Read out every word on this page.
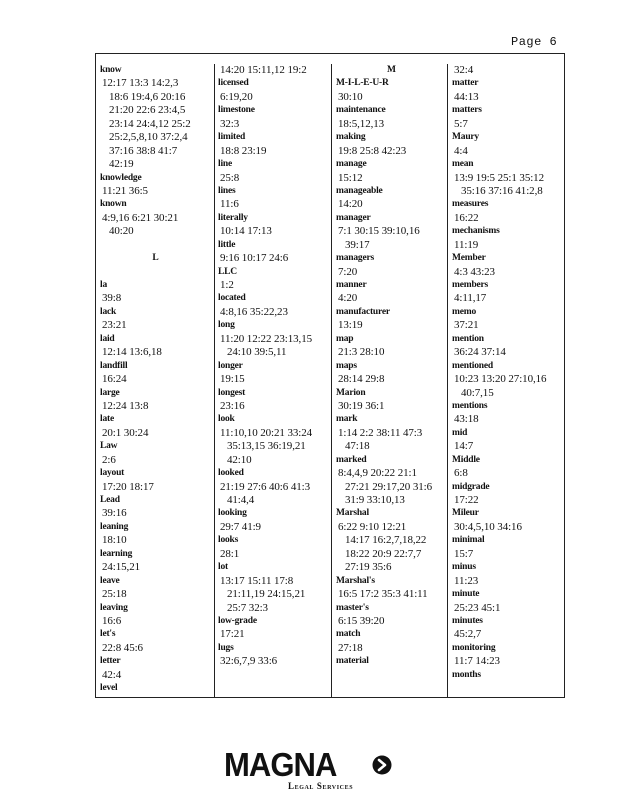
Page 6
know
12:17 13:3 14:2,3
18:6 19:4,6 20:16
21:20 22:6 23:4,5
23:14 24:4,12 25:2
25:2,5,8,10 37:2,4
37:16 38:8 41:7
42:19
knowledge
11:21 36:5
known
4:9,16 6:21 30:21
40:20
L
la
39:8
lack
23:21
laid
12:14 13:6,18
landfill
16:24
large
12:24 13:8
late
20:1 30:24
Law
2:6
layout
17:20 18:17
Lead
39:16
leaning
18:10
learning
24:15,21
leave
25:18
leaving
16:6
let's
22:8 45:6
letter
42:4
level
14:20 15:11,12 19:2
licensed
6:19,20
limestone
32:3
limited
18:8 23:19
line
25:8
lines
11:6
literally
10:14 17:13
little
9:16 10:17 24:6
LLC
1:2
located
4:8,16 35:22,23
long
11:20 12:22 23:13,15
24:10 39:5,11
longer
19:15
longest
23:16
look
11:10,10 20:21 33:24
35:13,15 36:19,21
42:10
looked
21:19 27:6 40:6 41:3
41:4,4
looking
29:7 41:9
looks
28:1
lot
13:17 15:11 17:8
21:11,19 24:15,21
25:7 32:3
low-grade
17:21
lugs
32:6,7,9 33:6
M
M-I-L-E-U-R
30:10
maintenance
18:5,12,13
making
19:8 25:8 42:23
manage
15:12
manageable
14:20
manager
7:1 30:15 39:10,16
39:17
managers
7:20
manner
4:20
manufacturer
13:19
map
21:3 28:10
maps
28:14 29:8
Marion
30:19 36:1
mark
1:14 2:2 38:11 47:3
47:18
marked
8:4,4,9 20:22 21:1
27:21 29:17,20 31:6
31:9 33:10,13
Marshal
6:22 9:10 12:21
14:17 16:2,7,18,22
18:22 20:9 22:7,7
27:19 35:6
Marshal's
16:5 17:2 35:3 41:11
master's
6:15 39:20
match
27:18
material
32:4
matter
44:13
matters
5:7
Maury
4:4
mean
13:9 19:5 25:1 35:12
35:16 37:16 41:2,8
measures
16:22
mechanisms
11:19
Member
4:3 43:23
members
4:11,17
memo
37:21
mention
36:24 37:14
mentioned
10:23 13:20 27:10,16
40:7,15
mentions
43:18
mid
14:7
Middle
6:8
midgrade
17:22
Mileur
30:4,5,10 34:16
minimal
15:7
minus
11:23
minute
25:23 45:1
minutes
45:2,7
monitoring
11:7 14:23
months
MAGNA
Legal Services
